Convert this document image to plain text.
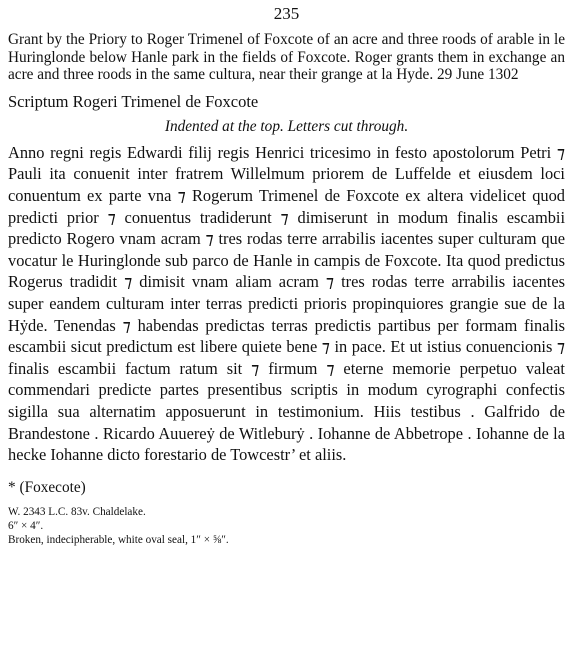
235

Grant by the Priory to Roger Trimenel of Foxcote of an acre and three roods of arable in le Huringlonde below Hanle park in the fields of Foxcote. Roger grants them in exchange an acre and three roods in the same cultura, near their grange at la Hyde. 29 June 1302

Scriptum Rogeri Trimenel de Foxcote

Indented at the top. Letters cut through.

Anno regni regis Edwardi filij regis Henrici tricesimo in festo apostolorum Petri ⁊ Pauli ita conuenit inter fratrem Willelmum priorem de Luffelde et eiusdem loci conuentum ex parte vna ⁊ Rogerum Trimenel de Foxcote ex altera videlicet quod predicti prior ⁊ conuentus tradiderunt ⁊ dimiserunt in modum finalis escambii predicto Rogero vnam acram ⁊ tres rodas terre arrabilis iacentes super culturam que vocatur le Huringlonde sub parco de Hanle in campis de Foxcote. Ita quod predictus Rogerus tradidit ⁊ dimisit vnam aliam acram ⁊ tres rodas terre arrabilis iacentes super eandem culturam inter terras predicti prioris propinquiores grangie sue de la Hẏde. Tenendas ⁊ habendas predictas terras predictis partibus per formam finalis escambii sicut predictum est libere quiete bene ⁊ in pace. Et ut istius conuencionis ⁊ finalis escambii factum ratum sit ⁊ firmum ⁊ eterne memorie perpetuo valeat commendari predicte partes presentibus scriptis in modum cyrographi confectis sigilla sua alternatim apposuerunt in testimonium. Hiis testibus . Galfrido de Brandestone . Ricardo Auuereẏ de Witleburẏ . Iohanne de Abbetrope . Iohanne de la hecke Iohanne dicto forestario de Towcestr’ et aliis.

* (Foxecote)

W. 2343 L.C. 83v. Chaldelake.

6″ × 4″.

Broken, indecipherable, white oval seal, 1″ × ⅝″.
